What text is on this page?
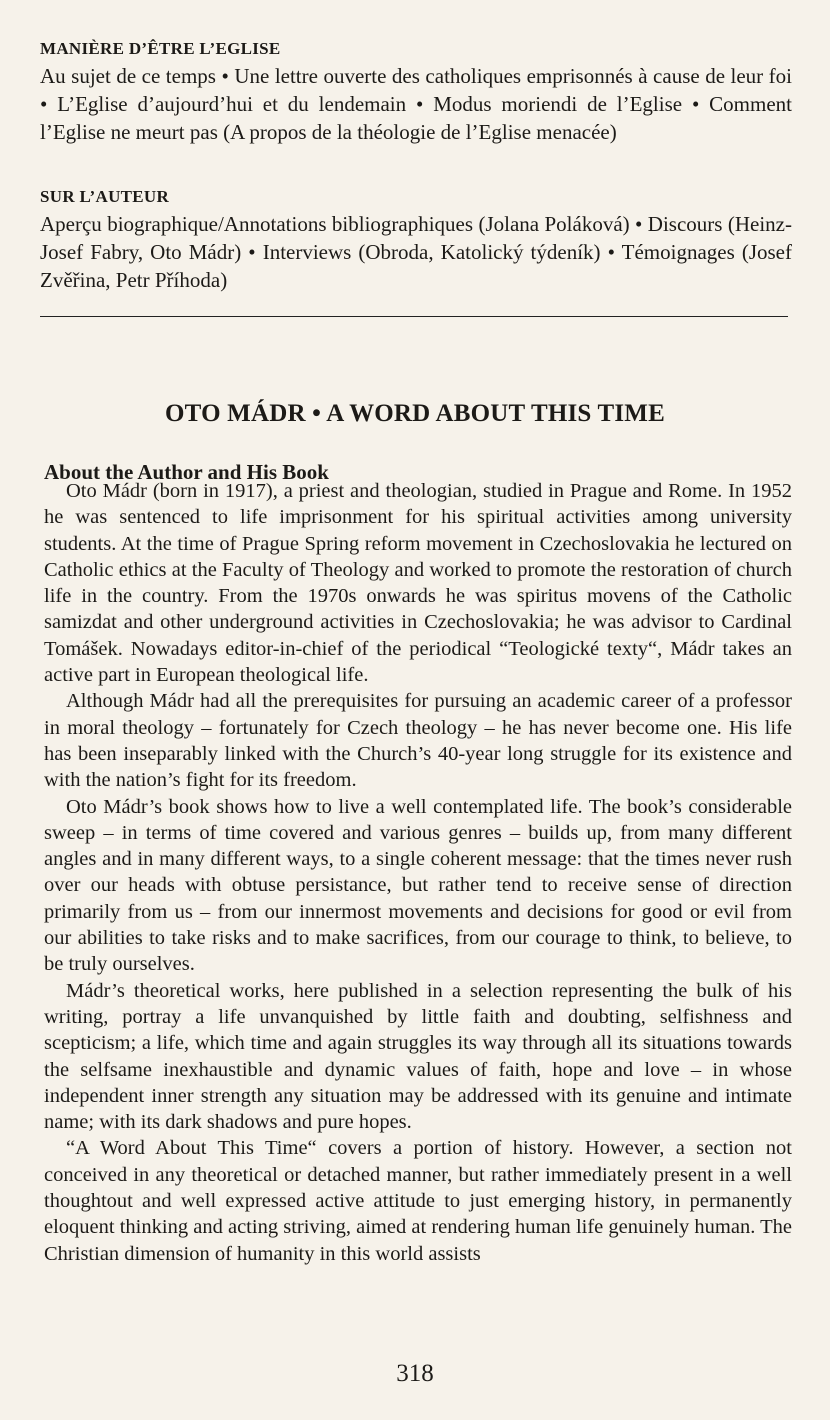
MANIÈRE D’ÊTRE L’EGLISE

Au sujet de ce temps • Une lettre ouverte des catholiques emprisonnés à cause de leur foi • L’Eglise d’aujourd’hui et du lendemain • Modus moriendi de l’Eglise • Comment l’Eglise ne meurt pas (A propos de la théologie de l’Eglise menacée)

SUR L’AUTEUR

Aperçu biographique/Annotations bibliographiques (Jolana Poláková) • Discours (Heinz-Josef Fabry, Oto Mádr) • Interviews (Obroda, Katolický týdeník) • Témoignages (Josef Zvěřina, Petr Příhoda)

OTO MÁDR • A WORD ABOUT THIS TIME
About the Author and His Book

Oto Mádr (born in 1917), a priest and theologian, studied in Prague and Rome. In 1952 he was sentenced to life imprisonment for his spiritual activities among university students. At the time of Prague Spring reform movement in Czechoslovakia he lectured on Catholic ethics at the Faculty of Theology and worked to promote the restoration of church life in the country. From the 1970s onwards he was spiritus movens of the Catholic samizdat and other underground activities in Czechoslovakia; he was advisor to Cardinal Tomášek. Nowadays editor-in-chief of the periodical “Teologické texty“, Mádr takes an active part in European theological life.

Although Mádr had all the prerequisites for pursuing an academic career of a professor in moral theology – fortunately for Czech theology – he has never become one. His life has been inseparably linked with the Church’s 40-year long struggle for its existence and with the nation’s fight for its freedom.

Oto Mádr’s book shows how to live a well contemplated life. The book’s considerable sweep – in terms of time covered and various genres – builds up, from many different angles and in many different ways, to a single coherent message: that the times never rush over our heads with obtuse persistance, but rather tend to receive sense of direction primarily from us – from our innermost movements and decisions for good or evil from our abilities to take risks and to make sacrifices, from our courage to think, to believe, to be truly ourselves.

Mádr’s theoretical works, here published in a selection representing the bulk of his writing, portray a life unvanquished by little faith and doubting, selfishness and scepticism; a life, which time and again struggles its way through all its situations towards the selfsame inexhaustible and dynamic values of faith, hope and love – in whose independent inner strength any situation may be addressed with its genuine and intimate name; with its dark shadows and pure hopes.

“A Word About This Time“ covers a portion of history. However, a section not conceived in any theoretical or detached manner, but rather immediately present in a well thoughtout and well expressed active attitude to just emerging history, in permanently eloquent thinking and acting striving, aimed at rendering human life genuinely human. The Christian dimension of humanity in this world assists

318
